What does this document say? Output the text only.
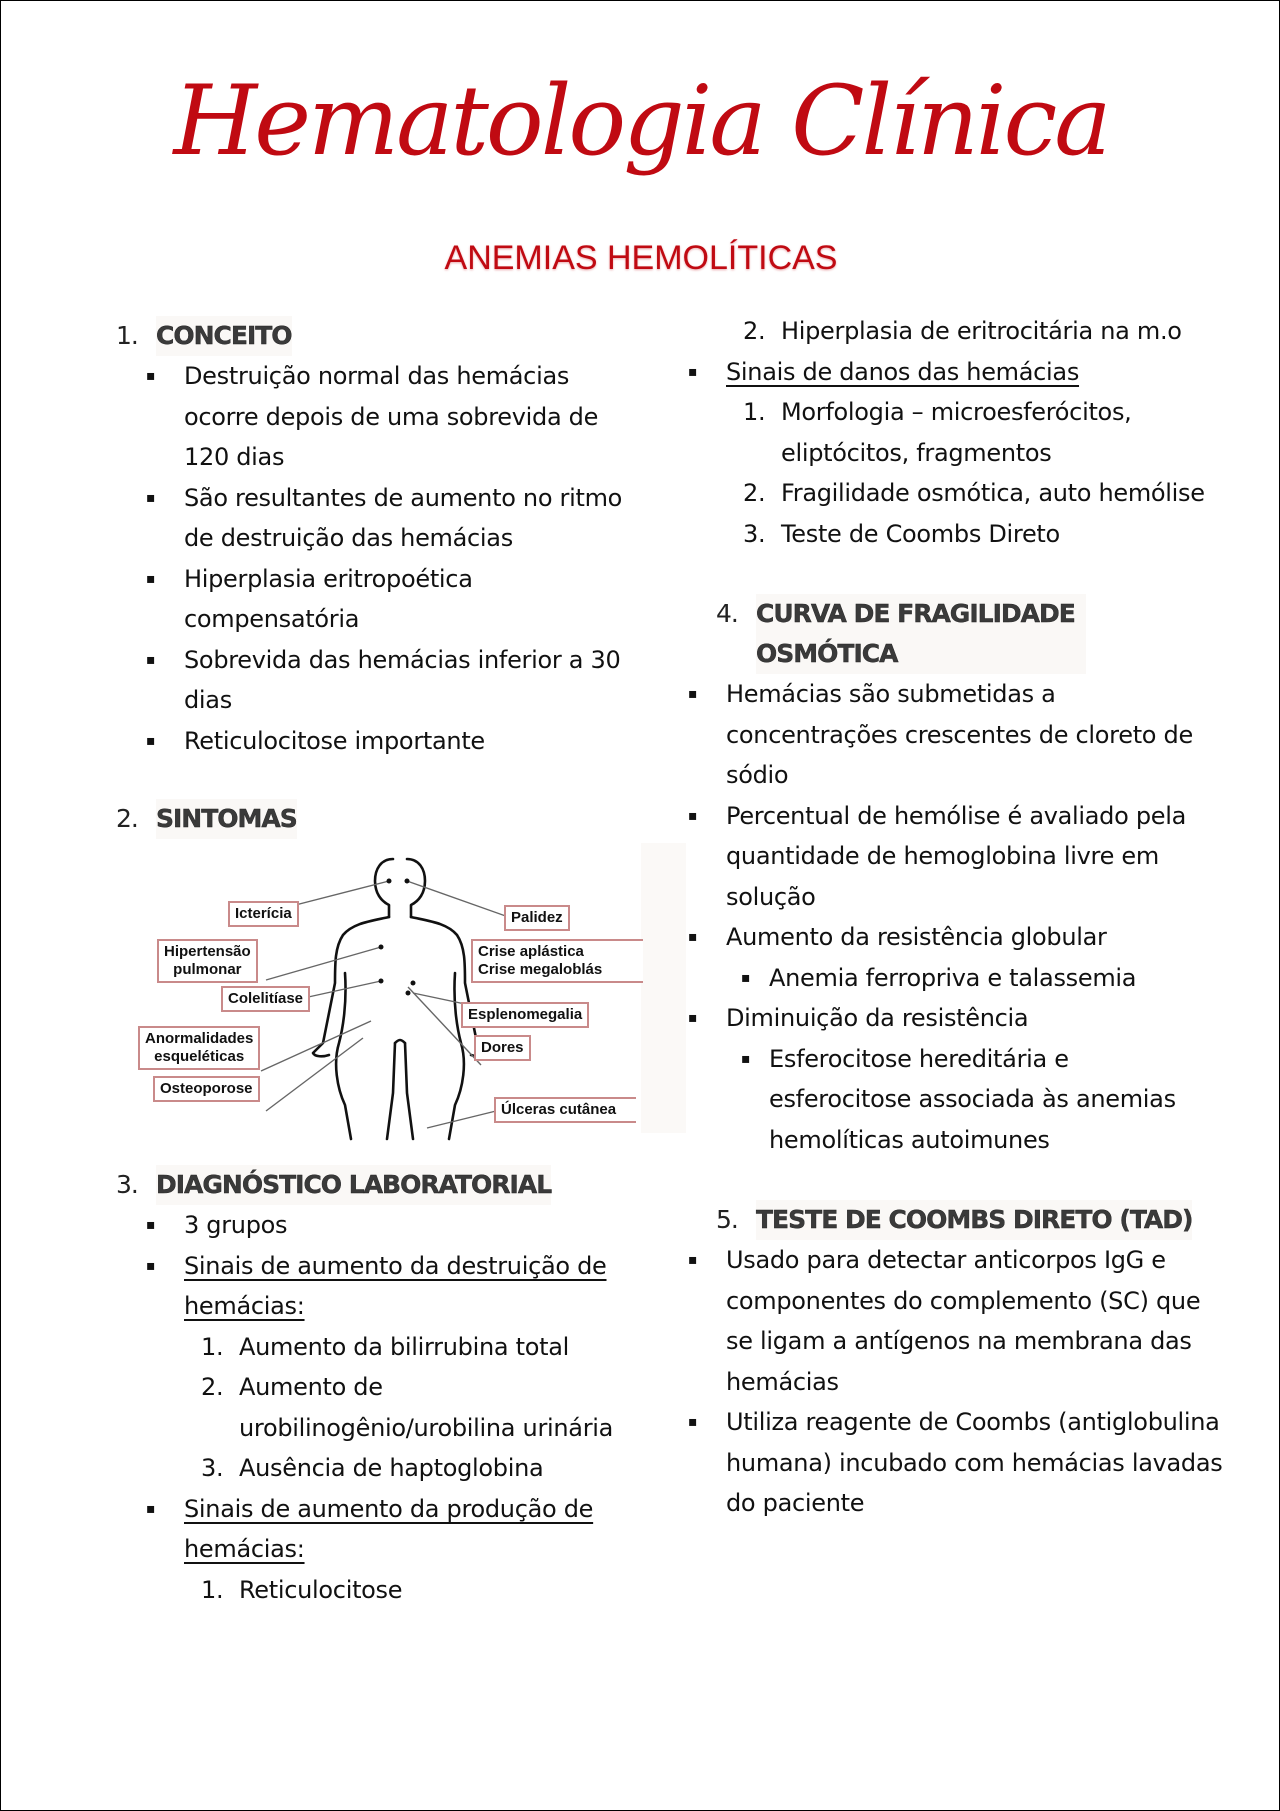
Hematologia Clínica
ANEMIAS HEMOLÍTICAS
1. CONCEITO
▪	Destruição normal das hemácias ocorre depois de uma sobrevida de 120 dias
▪	São resultantes de aumento no ritmo de destruição das hemácias
▪	Hiperplasia eritropoética compensatória
▪	Sobrevida das hemácias inferior a 30 dias
▪	Reticulocitose importante
2. SINTOMAS
Icterícia
Hipertensão
pulmonar
Colelitíase
Anormalidades
esqueléticas
Osteoporose
Palidez
Crise aplástica
Crise megaloblás
Esplenomegalia
Dores
Úlceras cutânea
3. DIAGNÓSTICO LABORATORIAL
▪	3 grupos
▪	Sinais de aumento da destruição de hemácias:
1. Aumento da bilirrubina total
2. Aumento de urobilinogênio/urobilina urinária
3. Ausência de haptoglobina
▪	Sinais de aumento da produção de hemácias:
1. Reticulocitose
2. Hiperplasia de eritrocitária na m.o
▪	Sinais de danos das hemácias
1. Morfologia – microesferócitos, eliptócitos, fragmentos
2. Fragilidade osmótica, auto hemólise
3. Teste de Coombs Direto
4. CURVA DE FRAGILIDADE OSMÓTICA
▪	Hemácias são submetidas a concentrações crescentes de cloreto de sódio
▪	Percentual de hemólise é avaliado pela quantidade de hemoglobina livre em solução
▪	Aumento da resistência globular
▪ Anemia ferropriva e talassemia
▪	Diminuição da resistência
▪ Esferocitose hereditária e esferocitose associada às anemias hemolíticas autoimunes
5. TESTE DE COOMBS DIRETO (TAD)
▪	Usado para detectar anticorpos IgG e componentes do complemento (SC) que se ligam a antígenos na membrana das hemácias
▪	Utiliza reagente de Coombs (antiglobulina humana) incubado com hemácias lavadas do paciente
